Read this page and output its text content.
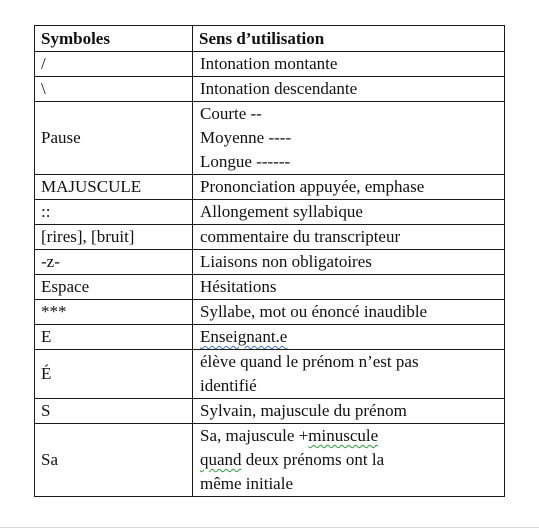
Symboles	Sens d’utilisation
/	Intonation montante
\	Intonation descendante
Pause	Courte --
Moyenne ----
Longue ------

MAJUSCULE	Prononciation appuyée, emphase
::	Allongement syllabique
[rires], [bruit]	commentaire du transcripteur
-z-	Liaisons non obligatoires
Espace	Hésitations
***	Syllabe, mot ou énoncé inaudible
E	Enseignant.e
É	élève quand le prénom n’est pas
identifié

S	Sylvain, majuscule du prénom
Sa	Sa, majuscule +minuscule
quand deux prénoms ont la
même initiale
